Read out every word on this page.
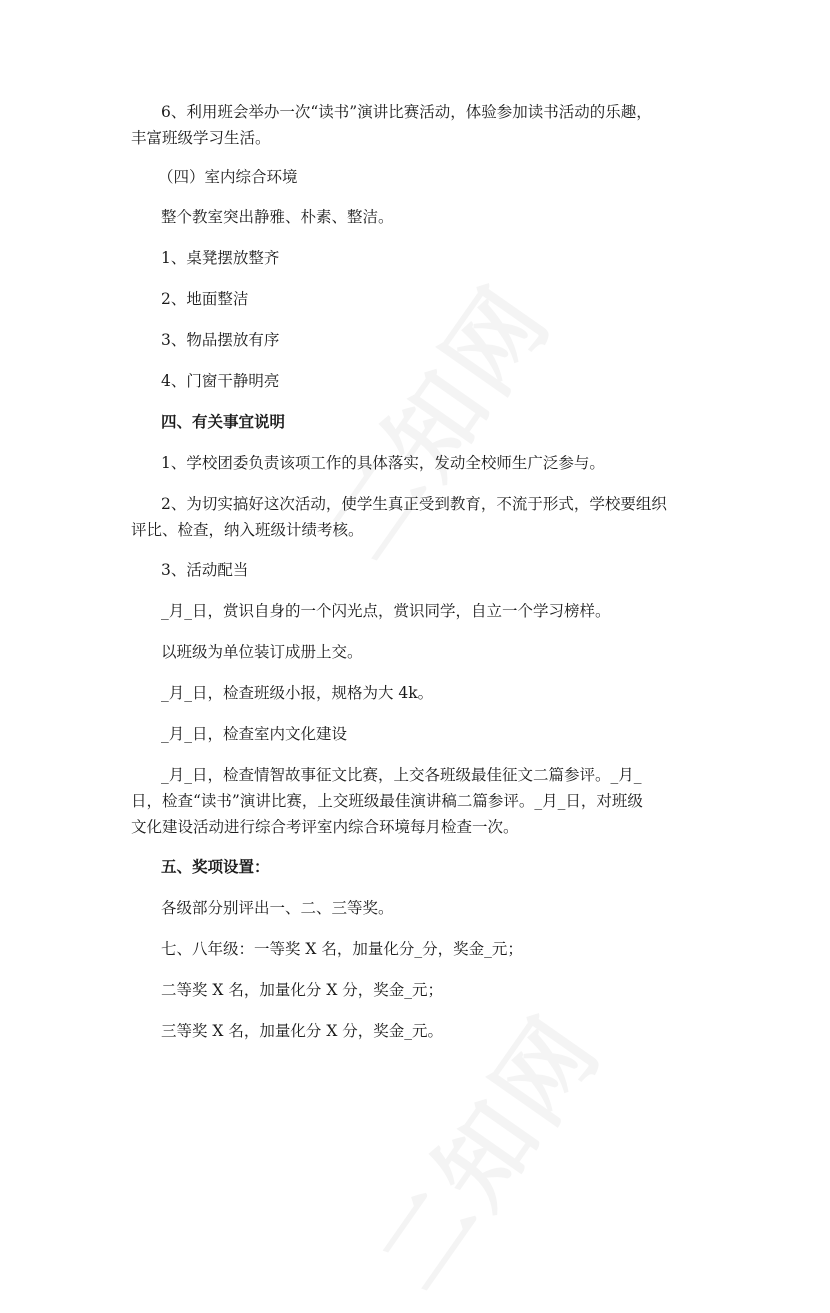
6、利用班会举办一次“读书”演讲比赛活动，体验参加读书活动的乐趣，
丰富班级学习生活。
（四）室内综合环境
整个教室突出静雅、朴素、整洁。
1、桌凳摆放整齐
2、地面整洁
3、物品摆放有序
4、门窗干静明亮
四、有关事宜说明
1、学校团委负责该项工作的具体落实，发动全校师生广泛参与。
2、为切实搞好这次活动，使学生真正受到教育，不流于形式，学校要组织
评比、检查，纳入班级计绩考核。
3、活动配当
_月_日，赏识自身的一个闪光点，赏识同学，自立一个学习榜样。
以班级为单位装订成册上交。
_月_日，检查班级小报，规格为大 4k。
_月_日，检查室内文化建设
_月_日，检查情智故事征文比赛，上交各班级最佳征文二篇参评。_月_
日，检查“读书”演讲比赛，上交班级最佳演讲稿二篇参评。_月_日，对班级
文化建设活动进行综合考评室内综合环境每月检查一次。
五、奖项设置：
各级部分别评出一、二、三等奖。
七、八年级：一等奖 X 名，加量化分_分，奖金_元；
二等奖 X 名，加量化分 X 分，奖金_元；
三等奖 X 名，加量化分 X 分，奖金_元。
